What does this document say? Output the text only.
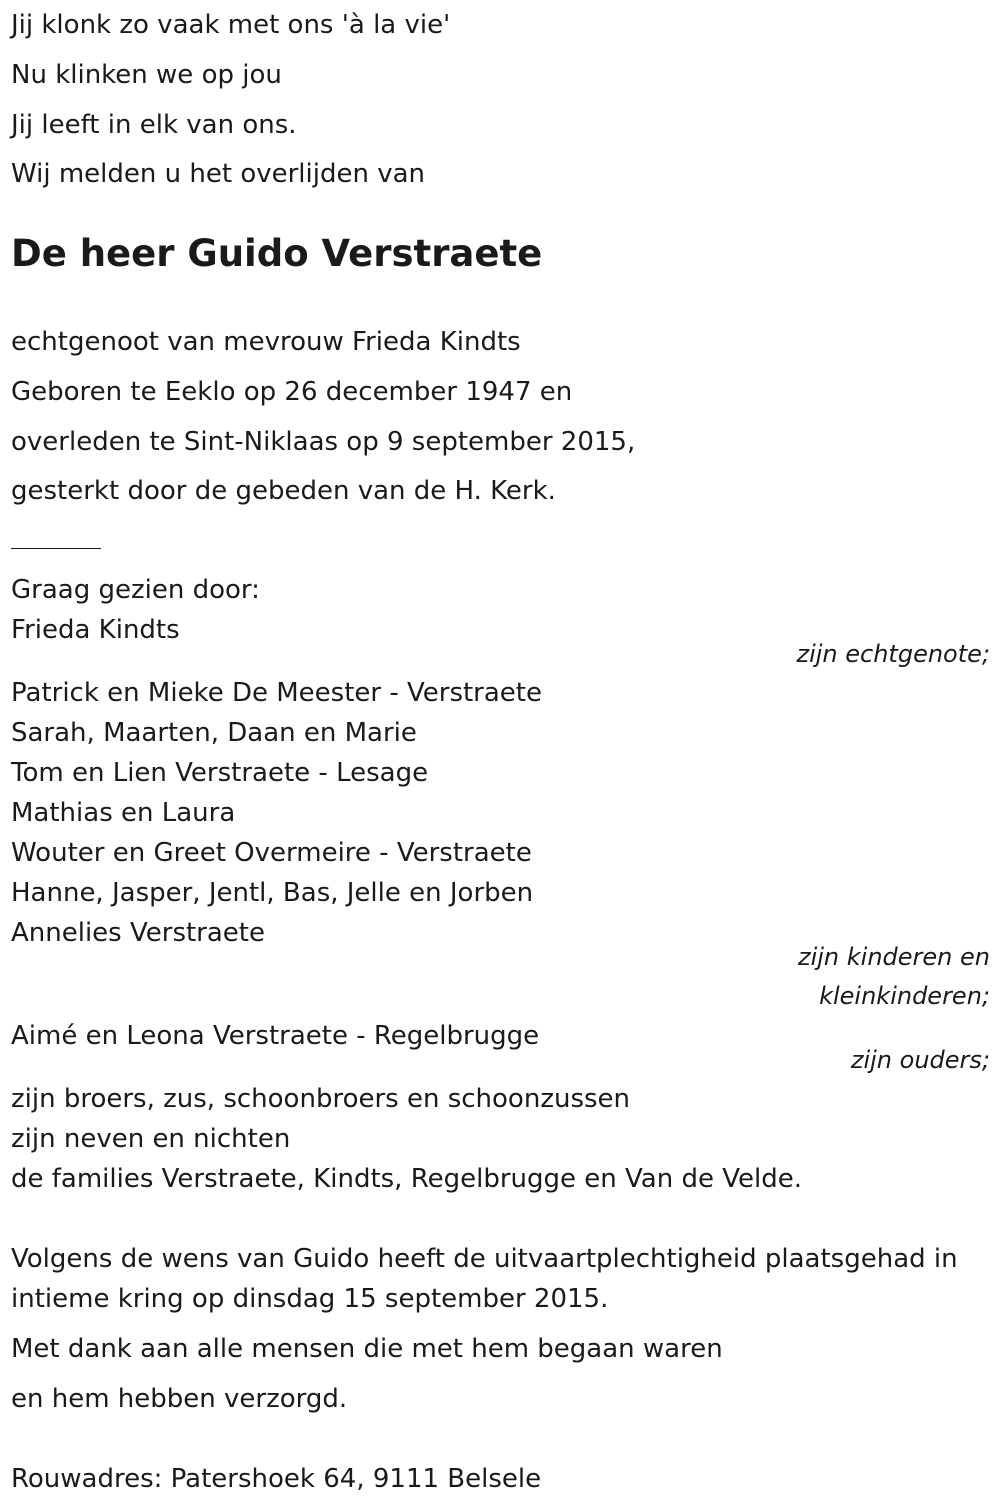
Jij klonk zo vaak met ons 'à la vie'
Nu klinken we op jou
Jij leeft in elk van ons.
Wij melden u het overlijden van
De heer Guido Verstraete
echtgenoot van mevrouw Frieda Kindts
Geboren te Eeklo op 26 december 1947 en
overleden te Sint-Niklaas op 9 september 2015,
gesterkt door de gebeden van de H. Kerk.
Graag gezien door:
Frieda Kindts
zijn echtgenote;
Patrick en Mieke De Meester - Verstraete
Sarah, Maarten, Daan en Marie
Tom en Lien Verstraete - Lesage
Mathias en Laura
Wouter en Greet Overmeire - Verstraete
Hanne, Jasper, Jentl, Bas, Jelle en Jorben
Annelies Verstraete
zijn kinderen en
kleinkinderen;
Aimé en Leona Verstraete - Regelbrugge
zijn ouders;
zijn broers, zus, schoonbroers en schoonzussen
zijn neven en nichten
de families Verstraete, Kindts, Regelbrugge en Van de Velde.
Volgens de wens van Guido heeft de uitvaartplechtigheid plaatsgehad in
intieme kring op dinsdag 15 september 2015.
Met dank aan alle mensen die met hem begaan waren
en hem hebben verzorgd.
Rouwadres: Patershoek 64, 9111 Belsele
